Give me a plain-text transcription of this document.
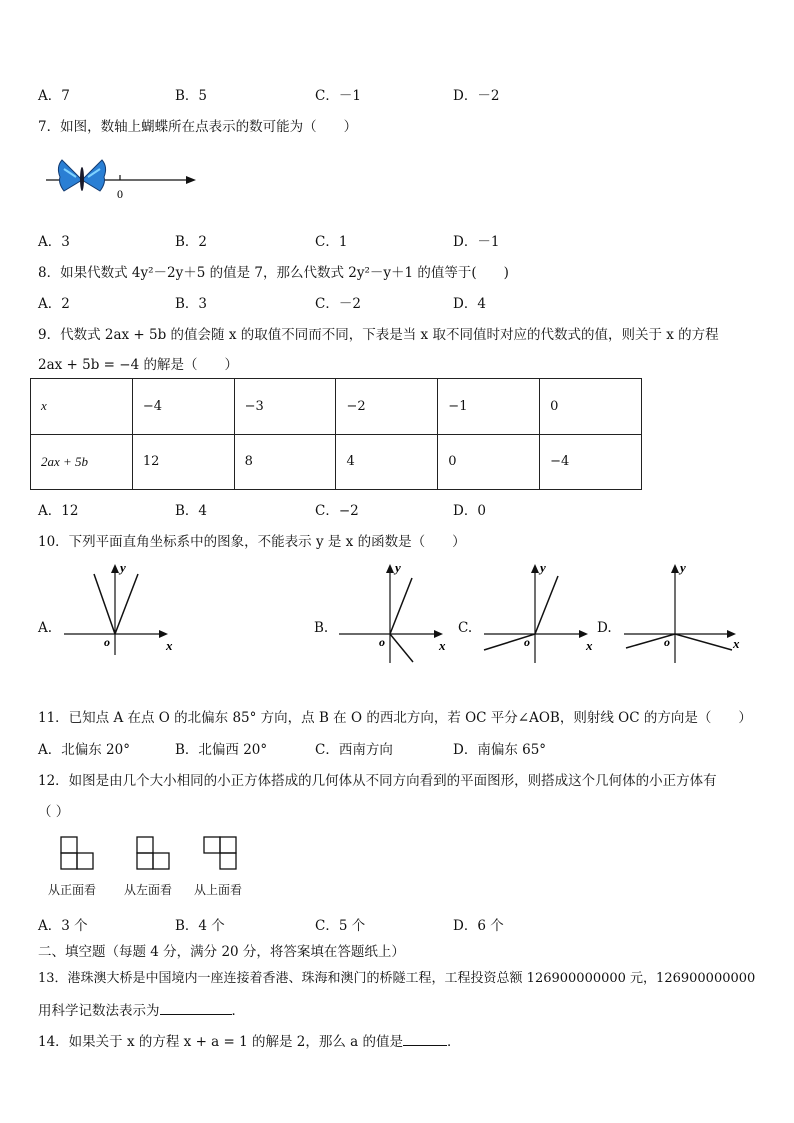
A．7	B．5	C．－1	D．－2
7．如图，数轴上蝴蝶所在点表示的数可能为（　　）
0
A．3	B．2	C．1	D．－1
8．如果代数式 4y²－2y＋5 的值是 7，那么代数式 2y²－y＋1 的值等于(　　)
A．2	B．3	C．－2	D．4
9．代数式 2ax + 5b 的值会随 x 的取值不同而不同，下表是当 x 取不同值时对应的代数式的值，则关于 x 的方程
2ax + 5b = −4 的解是（　　）
x	−4	−3	−2	−1	0
2ax + 5b	12	8	4	0	−4
A．12	B．4	C．−2	D．0
10．下列平面直角坐标系中的图象，不能表示 y 是 x 的函数是（　　）
A.
y
x
o
B.
y
x
o
C.
y
x
o
D.
y
x
o
11．已知点 A 在点 O 的北偏东 85° 方向，点 B 在 O 的西北方向，若 OC 平分∠AOB，则射线 OC 的方向是（　　）
A．北偏东 20°	B．北偏西 20°	C．西南方向	D．南偏东 65°
12．如图是由几个大小相同的小正方体搭成的几何体从不同方向看到的平面图形，则搭成这个几何体的小正方体有
（ ）
从正面看 从左面看 从上面看
A．3 个	B．4 个	C．5 个	D．6 个
二、填空题（每题 4 分，满分 20 分，将答案填在答题纸上）
13．港珠澳大桥是中国境内一座连接着香港、珠海和澳门的桥隧工程，工程投资总额 126900000000 元，126900000000
用科学记数法表示为	．
14．如果关于 x 的方程 x + a = 1 的解是 2，那么 a 的值是	．
